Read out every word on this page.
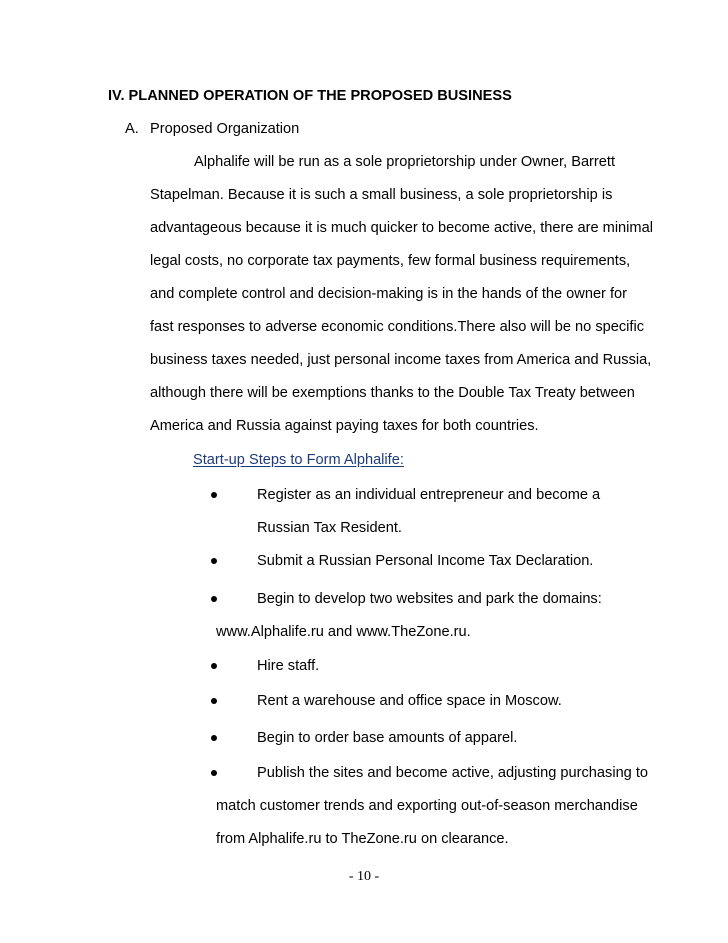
IV. PLANNED OPERATION OF THE PROPOSED BUSINESS
A. Proposed Organization
Alphalife will be run as a sole proprietorship under Owner, Barrett
Stapelman. Because it is such a small business, a sole proprietorship is
advantageous because it is much quicker to become active, there are minimal
legal costs, no corporate tax payments, few formal business requirements,
and complete control and decision-making is in the hands of the owner for
fast responses to adverse economic conditions.There also will be no specific
business taxes needed, just personal income taxes from America and Russia,
although there will be exemptions thanks to the Double Tax Treaty between
America and Russia against paying taxes for both countries.
Start-up Steps to Form Alphalife:
Register as an individual entrepreneur and become a
Russian Tax Resident.
Submit a Russian Personal Income Tax Declaration.
Begin to develop two websites and park the domains:
www.Alphalife.ru and www.TheZone.ru.
Hire staff.
Rent a warehouse and office space in Moscow.
Begin to order base amounts of apparel.
Publish the sites and become active, adjusting purchasing to
match customer trends and exporting out-of-season merchandise
from Alphalife.ru to TheZone.ru on clearance.
- 10 -
